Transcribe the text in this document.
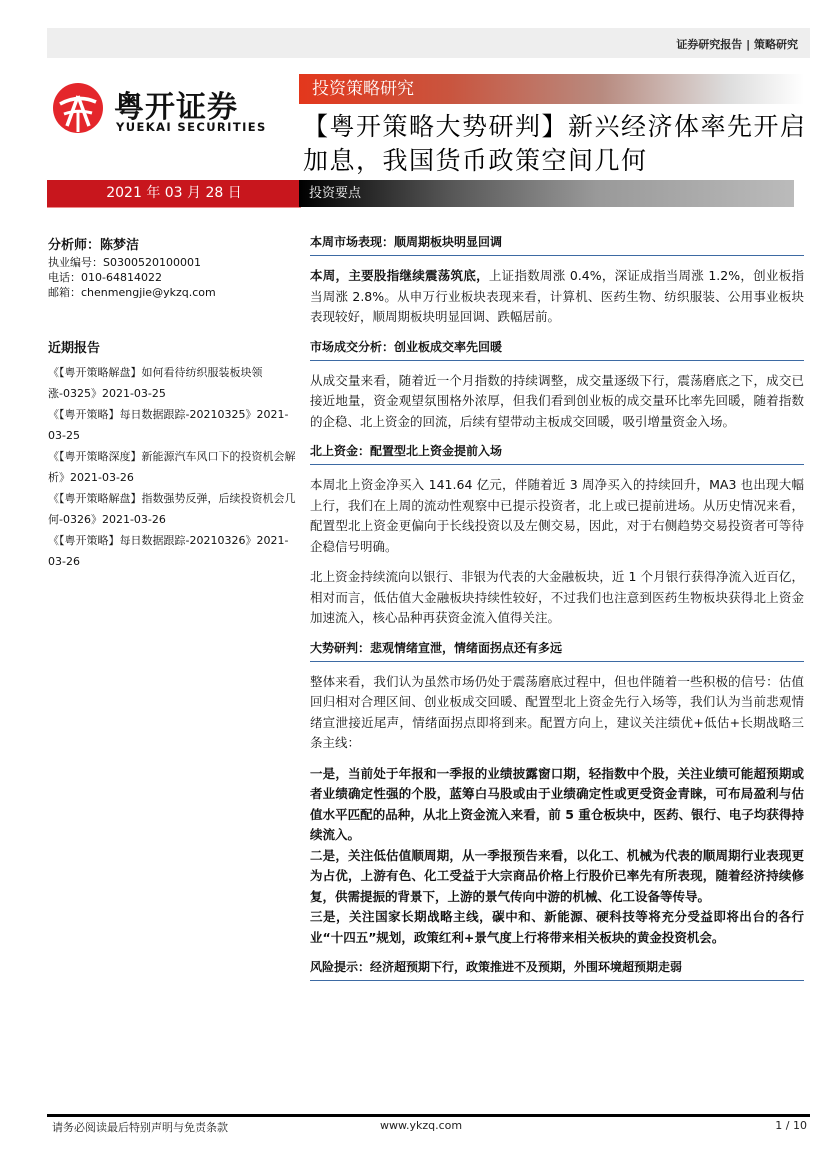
证券研究报告 | 策略研究
粤开证券
YUEKAI SECURITIES
投资策略研究
【粤开策略大势研判】新兴经济体率先开启加息，我国货币政策空间几何
2021 年 03 月 28 日	投资要点
分析师：陈梦洁
执业编号：S0300520100001
电话：010-64814022
邮箱：chenmengjie@ykzq.com
近期报告
《【粤开策略解盘】如何看待纺织服装板块领涨-0325》2021-03-25
《【粤开策略】每日数据跟踪-20210325》2021-03-25
《【粤开策略深度】新能源汽车风口下的投资机会解析》2021-03-26
《【粤开策略解盘】指数强势反弹，后续投资机会几何-0326》2021-03-26
《【粤开策略】每日数据跟踪-20210326》2021-03-26
本周市场表现：顺周期板块明显回调
本周，主要股指继续震荡筑底，上证指数周涨 0.4%，深证成指当周涨 1.2%，创业板指当周涨 2.8%。从申万行业板块表现来看，计算机、医药生物、纺织服装、公用事业板块表现较好，顺周期板块明显回调、跌幅居前。
市场成交分析：创业板成交率先回暖
从成交量来看，随着近一个月指数的持续调整，成交量逐级下行，震荡磨底之下，成交已接近地量，资金观望氛围格外浓厚，但我们看到创业板的成交量环比率先回暖，随着指数的企稳、北上资金的回流，后续有望带动主板成交回暖，吸引增量资金入场。
北上资金：配置型北上资金提前入场
本周北上资金净买入 141.64 亿元，伴随着近 3 周净买入的持续回升，MA3 也出现大幅上行，我们在上周的流动性观察中已提示投资者，北上或已提前进场。从历史情况来看，配置型北上资金更偏向于长线投资以及左侧交易，因此，对于右侧趋势交易投资者可等待企稳信号明确。
北上资金持续流向以银行、非银为代表的大金融板块，近 1 个月银行获得净流入近百亿，相对而言，低估值大金融板块持续性较好，不过我们也注意到医药生物板块获得北上资金加速流入，核心品种再获资金流入值得关注。
大势研判：悲观情绪宣泄，情绪面拐点还有多远
整体来看，我们认为虽然市场仍处于震荡磨底过程中，但也伴随着一些积极的信号：估值回归相对合理区间、创业板成交回暖、配置型北上资金先行入场等，我们认为当前悲观情绪宣泄接近尾声，情绪面拐点即将到来。配置方向上，建议关注绩优+低估+长期战略三条主线：
一是，当前处于年报和一季报的业绩披露窗口期，轻指数中个股，关注业绩可能超预期或者业绩确定性强的个股，蓝筹白马股或由于业绩确定性或更受资金青睐，可布局盈利与估值水平匹配的品种，从北上资金流入来看，前 5 重仓板块中，医药、银行、电子均获得持续流入。
二是，关注低估值顺周期，从一季报预告来看，以化工、机械为代表的顺周期行业表现更为占优，上游有色、化工受益于大宗商品价格上行股价已率先有所表现，随着经济持续修复，供需提振的背景下，上游的景气传向中游的机械、化工设备等传导。
三是，关注国家长期战略主线，碳中和、新能源、硬科技等将充分受益即将出台的各行业“十四五”规划，政策红利+景气度上行将带来相关板块的黄金投资机会。
风险提示：经济超预期下行，政策推进不及预期，外围环境超预期走弱
请务必阅读最后特别声明与免责条款	www.ykzq.com	1 / 10
